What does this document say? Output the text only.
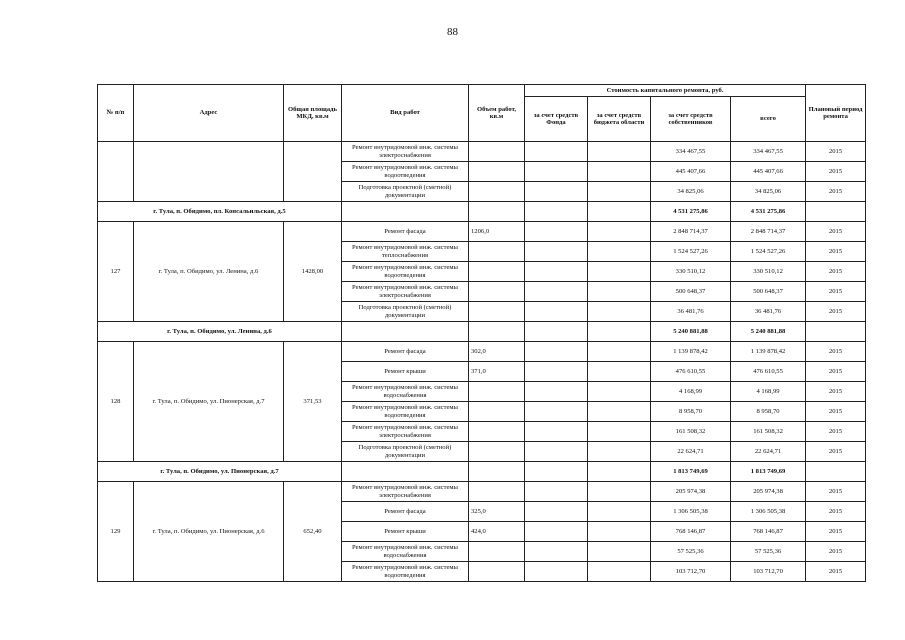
88
№ п/п	Адрес	Общая площадь МКД, кв.м	Вид работ	Объем работ, кв.м	Стоимость капитального ремонта, руб.				Плановый период ремонта
					за счет средств Фонда	за счет средств бюджета области	за счет средств собственников	всего	
			Ремонт внутридомовой инж. системы электроснабжения				334 467,55	334 467,55	2015
			Ремонт внутридомовой инж. системы водоотведения				445 407,66	445 407,66	2015
			Подготовка проектной (сметной) документации				34 825,06	34 825,06	2015
г. Тула, п. Обидимо, пл. Консальильская, д.5							4 531 275,86	4 531 275,86	
127	г. Тула, п. Обидимо, ул. Ленина, д.6	1428,00	Ремонт фасада	1206,0			2 848 714,37	2 848 714,37	2015
			Ремонт внутридомовой инж. системы теплоснабжения				1 524 527,26	1 524 527,26	2015
			Ремонт внутридомовой инж. системы водоотведения				330 510,12	330 510,12	2015
			Ремонт внутридомовой инж. системы электроснабжения				500 648,37	500 648,37	2015
			Подготовка проектной (сметной) документации				36 481,76	36 481,76	2015
г. Тула, п. Обидимо, ул. Ленина, д.6							5 240 881,88	5 240 881,88	
128	г. Тула, п. Обидимо, ул. Пионерская, д.7	371,53	Ремонт фасада	302,0			1 139 878,42	1 139 878,42	2015
			Ремонт крыши	371,0			476 610,55	476 610,55	2015
			Ремонт внутридомовой инж. системы водоснабжения				4 168,99	4 168,99	2015
			Ремонт внутридомовой инж. системы водоотведения				8 958,70	8 958,70	2015
			Ремонт внутридомовой инж. системы электроснабжения				161 508,32	161 508,32	2015
			Подготовка проектной (сметной) документации				22 624,71	22 624,71	2015
г. Тула, п. Обидимо, ул. Пионерская, д.7							1 813 749,69	1 813 749,69	
129	г. Тула, п. Обидимо, ул. Пионерская, д.6	652,40	Ремонт внутридомовой инж. системы электроснабжения				205 974,38	205 974,38	2015
			Ремонт фасада	325,0			1 306 505,38	1 306 505,38	2015
			Ремонт крыши	424,0			768 146,87	768 146,87	2015
			Ремонт внутридомовой инж. системы водоснабжения				57 525,36	57 525,36	2015
			Ремонт внутридомовой инж. системы водоотведения				103 712,70	103 712,70	2015
